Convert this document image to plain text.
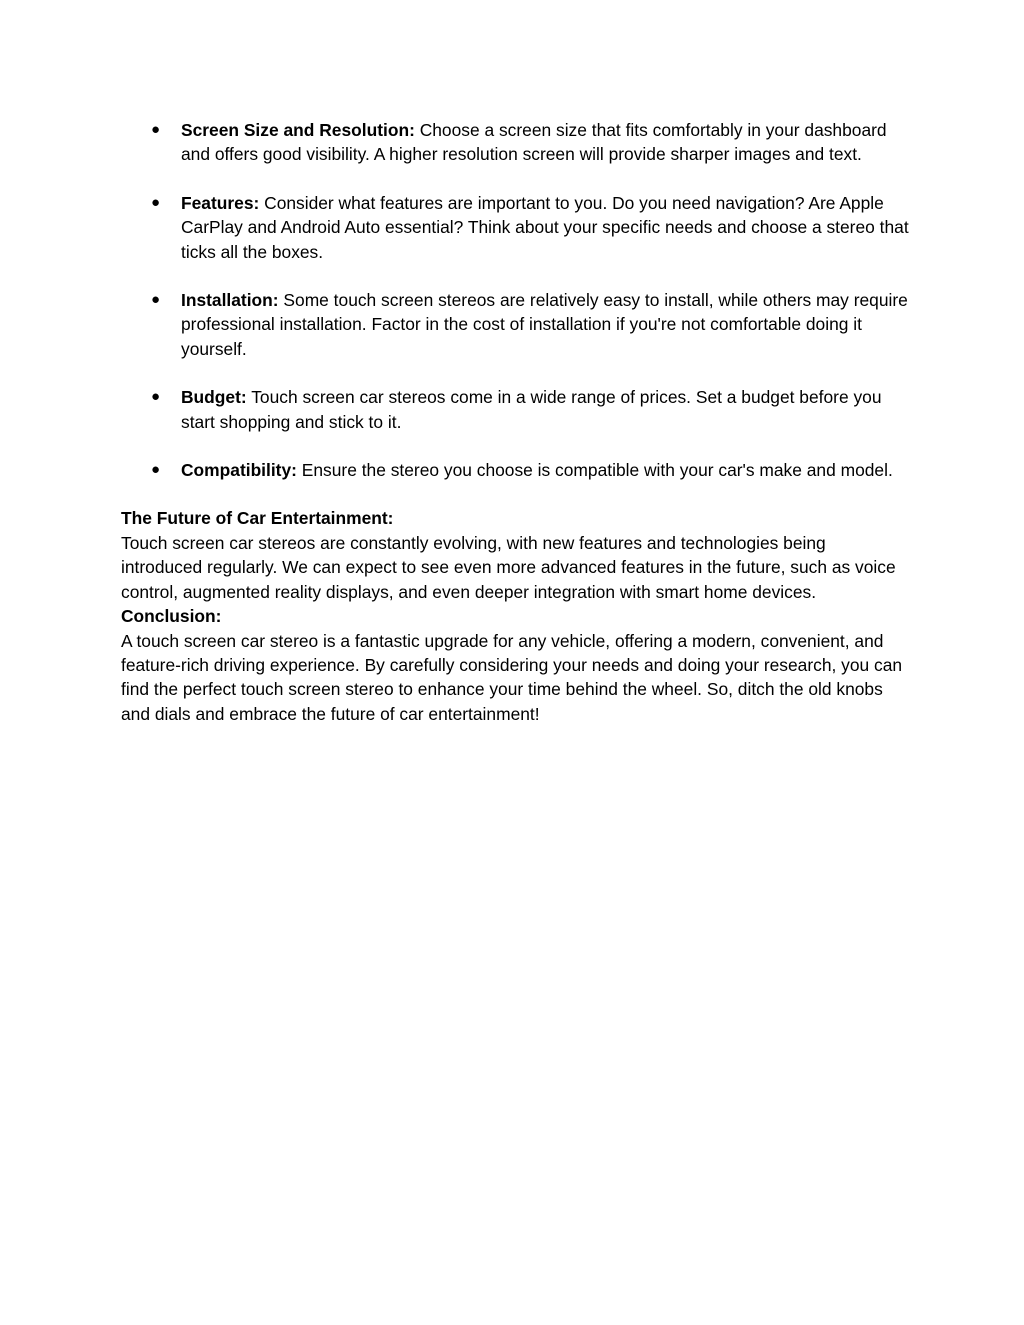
● Screen Size and Resolution: Choose a screen size that fits comfortably in your dashboard and offers good visibility. A higher resolution screen will provide sharper images and text.
● Features: Consider what features are important to you. Do you need navigation? Are Apple CarPlay and Android Auto essential? Think about your specific needs and choose a stereo that ticks all the boxes.
● Installation: Some touch screen stereos are relatively easy to install, while others may require professional installation. Factor in the cost of installation if you're not comfortable doing it yourself.
● Budget: Touch screen car stereos come in a wide range of prices. Set a budget before you start shopping and stick to it.
● Compatibility: Ensure the stereo you choose is compatible with your car's make and model.
The Future of Car Entertainment:

Touch screen car stereos are constantly evolving, with new features and technologies being introduced regularly. We can expect to see even more advanced features in the future, such as voice control, augmented reality displays, and even deeper integration with smart home devices.

Conclusion:

A touch screen car stereo is a fantastic upgrade for any vehicle, offering a modern, convenient, and feature-rich driving experience. By carefully considering your needs and doing your research, you can find the perfect touch screen stereo to enhance your time behind the wheel. So, ditch the old knobs and dials and embrace the future of car entertainment!
